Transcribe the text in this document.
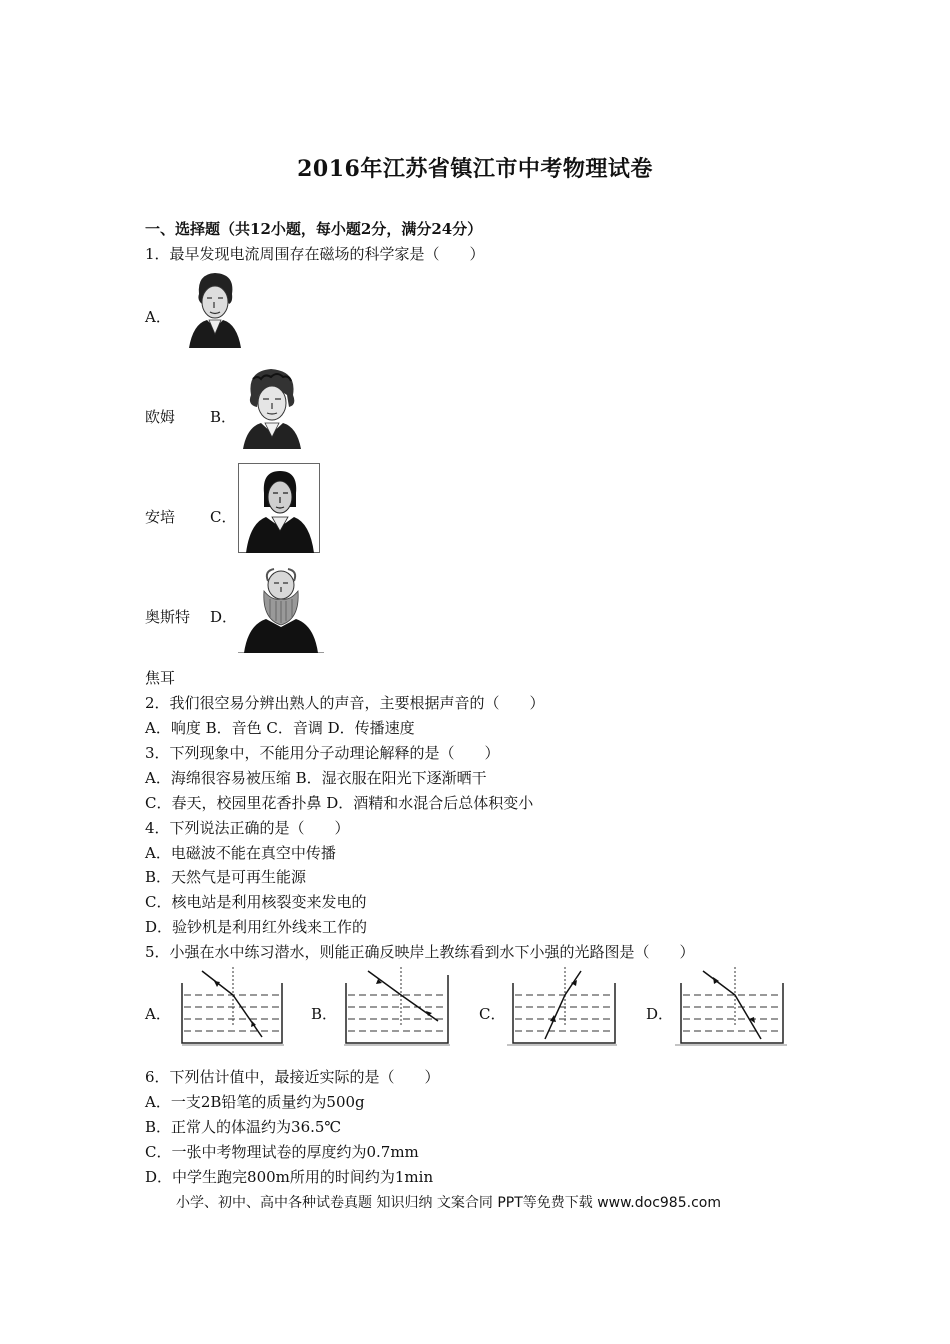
2016年江苏省镇江市中考物理试卷
一、选择题（共12小题，每小题2分，满分24分）
1．最早发现电流周围存在磁场的科学家是（　　）
A．
欧姆 B．
安培 C．
奥斯特 D．
焦耳
2．我们很空易分辨出熟人的声音，主要根据声音的（　　）
A．响度 B．音色 C．音调 D．传播速度
3．下列现象中，不能用分子动理论解释的是（　　）
A．海绵很容易被压缩 B．湿衣服在阳光下逐渐晒干
C．春天，校园里花香扑鼻 D．酒精和水混合后总体积变小
4．下列说法正确的是（　　）
A．电磁波不能在真空中传播
B．天然气是可再生能源
C．核电站是利用核裂变来发电的
D．验钞机是利用红外线来工作的
5．小强在水中练习潜水，则能正确反映岸上教练看到水下小强的光路图是（　　）
A．	B．	C．	D．
6．下列估计值中，最接近实际的是（　　）
A．一支2B铅笔的质量约为500g
B．正常人的体温约为36.5℃
C．一张中考物理试卷的厚度约为0.7mm
D．中学生跑完800m所用的时间约为1min
小学、初中、高中各种试卷真题 知识归纳 文案合同 PPT等免费下载 www.doc985.com
